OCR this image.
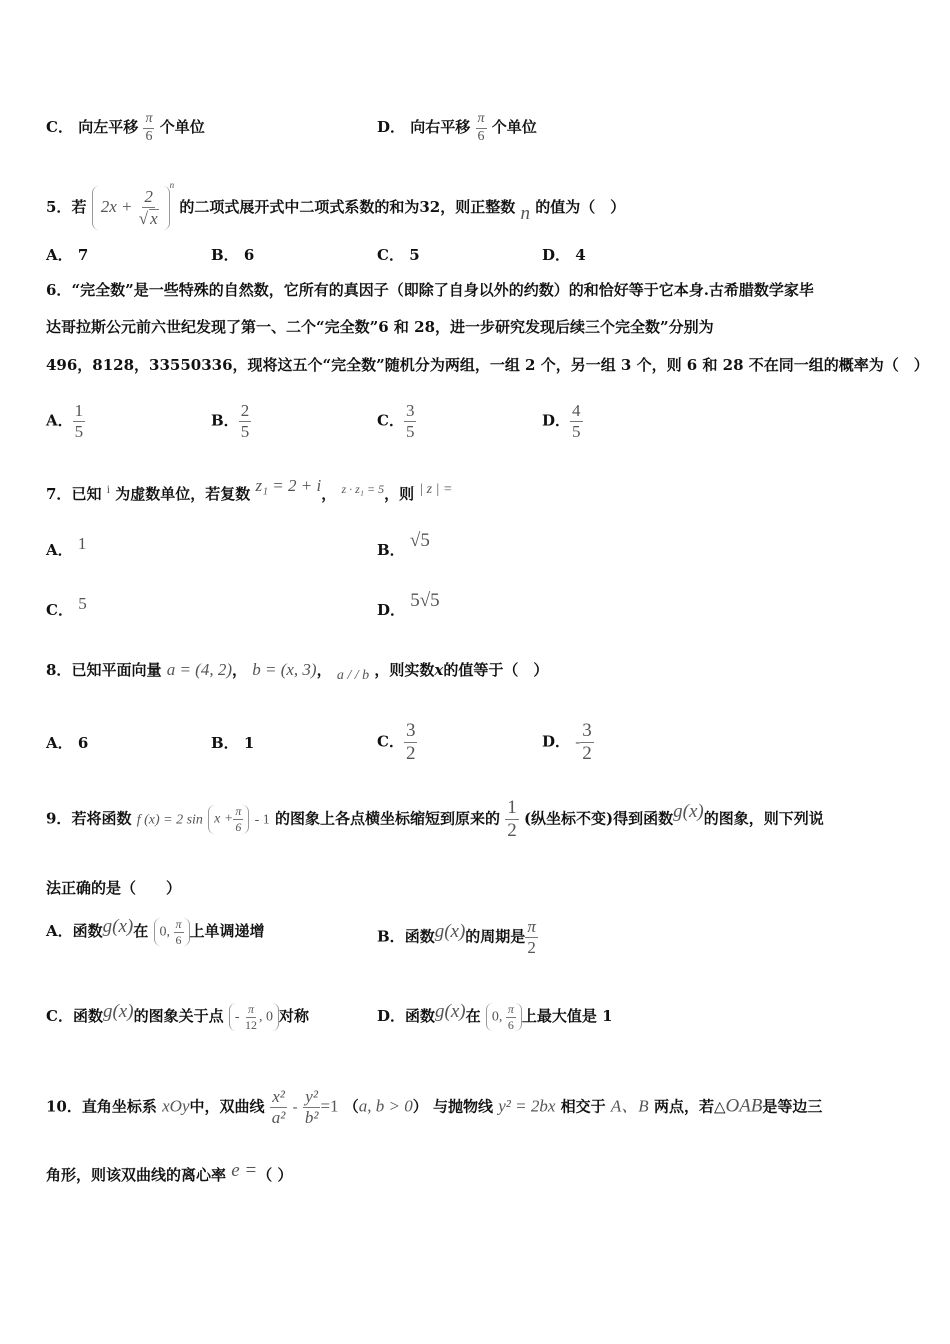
C． 向左平移 $\frac{\pi}{6}$ 个单位	D． 向右平移 $\frac{\pi}{6}$ 个单位
5．若 $2x + \frac{2}{√ x}$
$^n$ 的二项式展开式中二项式系数的和为32，则正整数 n 的值为（　）
A． 7	B． 6	C． 5	D． 4
6．“完全数”是一些特殊的自然数，它所有的真因子（即除了自身以外的约数）的和恰好等于它本身.古希腊数学家毕
达哥拉斯公元前六世纪发现了第一、二个“完全数”6 和 28，进一步研究发现后续三个完全数”分别为
496，8128，33550336，现将这五个“完全数”随机分为两组，一组 2 个，另一组 3 个，则 6 和 28 不在同一组的概率为（　）
A． $\frac{1}{5}$	B． $\frac{2}{5}$	C． $\frac{3}{5}$	D． $\frac{4}{5}$
7．已知 $^i$ 为虚数单位，若复数 z₁ = 2 + i， $^{z \cdot z_1 = 5}$，则 | z | =
A． 1	B． √5
C． 5	D． 5√5
8．已知平面向量 a = (4, 2)， b = (x, 3)， a / / b ，则实数x的值等于（　）
A． 6	B． 1	C． $\frac{3}{2}$	D． - $\frac{3}{2}$
9．若将函数 f (x) = 2 $\sin x + \frac{\pi}{6} - 1$ 的图象上各点横坐标缩短到原来的 $\frac{1}{2}$ (纵坐标不变)得到函数g(x)的图象，则下列说
法正确的是（　　）
A．函数g(x)在 0, $\frac{\pi}{6}$ 上单调递增	B．函数g(x)的周期是 $\frac{\pi}{2}$
C．函数g(x)的图象关于点 - $\frac{\pi}{12}$ , 0 对称	D．函数g(x)在 0, $\frac{\pi}{6}$ 上最大值是 1
10．直角坐标系 xOy中，双曲线 $\frac{\text{x²}}{\text{a²}} - \frac{\text{y²}}{\text{b²}} =1$ （a, b > 0） 与抛物线 y² = 2bx 相交于 A、B 两点，若△OAB是等边三
角形，则该双曲线的离心率 e =（ ）
